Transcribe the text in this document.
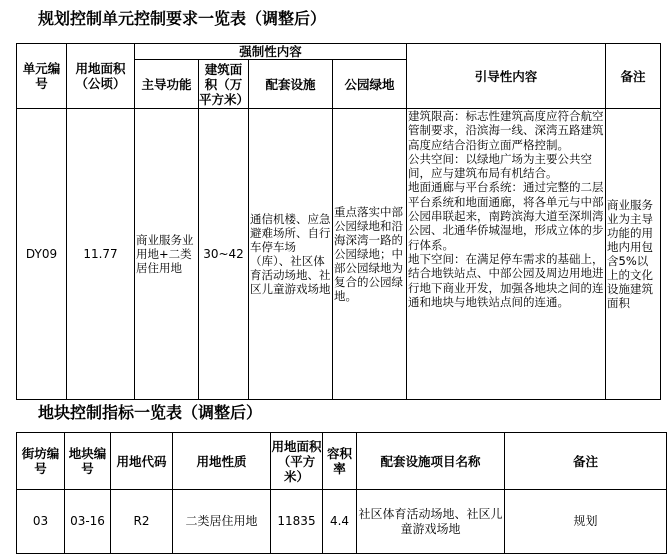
规划控制单元控制要求一览表（调整后）
单元编号	用地面积（公顷）	强制性内容				引导性内容	备注
		主导功能	建筑面积（万平方米）	配套设施	公园绿地		
DY09	11.77	商业服务业用地+二类居住用地	30~42	通信机楼、应急避难场所、自行车停车场（库）、社区体育活动场地、社区儿童游戏场地	重点落实中部公园绿地和沿海深湾一路的公园绿地；中部公园绿地为复合的公园绿地。	建筑限高：标志性建筑高度应符合航空管制要求，沿滨海一线、深湾五路建筑高度应结合沿街立面严格控制。
公共空间：以绿地广场为主要公共空间，应与建筑布局有机结合。
地面通廊与平台系统：通过完整的二层平台系统和地面通廊，将各单元与中部公园串联起来，南跨滨海大道至深圳湾公园、北通华侨城湿地，形成立体的步行体系。
地下空间：在满足停车需求的基础上，结合地铁站点、中部公园及周边用地进行地下商业开发，加强各地块之间的连通和地块与地铁站点间的连通。	商业服务业为主导功能的用地内用包含5%以上的文化设施建筑面积
地块控制指标一览表（调整后）
街坊编号	地块编号	用地代码	用地性质	用地面积（平方米）	容积率	配套设施项目名称	备注
03	03-16	R2	二类居住用地	11835	4.4	社区体育活动场地、社区儿童游戏场地	规划
